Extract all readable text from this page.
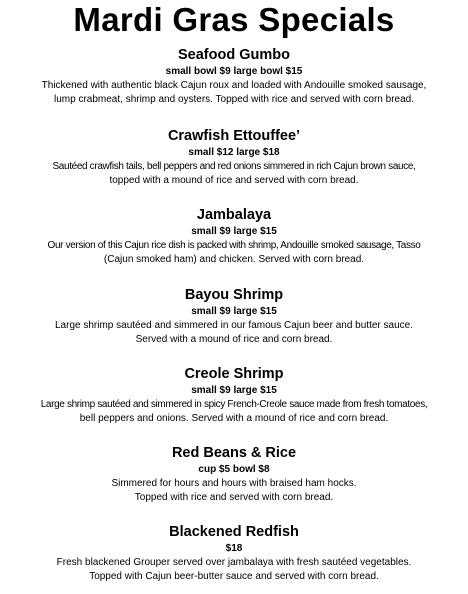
Mardi Gras Specials
Seafood Gumbo
small bowl $9 large bowl $15
Thickened with authentic black Cajun roux and loaded with Andouille smoked sausage,
lump crabmeat, shrimp and oysters. Topped with rice and served with corn bread.
Crawfish Ettouffee’
small $12 large $18
Sautéed crawfish tails, bell peppers and red onions simmered in rich Cajun brown sauce,
topped with a mound of rice and served with corn bread.
Jambalaya
small $9 large $15
Our version of this Cajun rice dish is packed with shrimp, Andouille smoked sausage, Tasso
(Cajun smoked ham) and chicken. Served with corn bread.
Bayou Shrimp
small $9 large $15
Large shrimp sautéed and simmered in our famous Cajun beer and butter sauce.
Served with a mound of rice and corn bread.
Creole Shrimp
small $9 large $15
Large shrimp sautéed and simmered in spicy French-Creole sauce made from fresh tomatoes,
bell peppers and onions. Served with a mound of rice and corn bread.
Red Beans & Rice
cup $5 bowl $8
Simmered for hours and hours with braised ham hocks.
Topped with rice and served with corn bread.
Blackened Redfish
$18
Fresh blackened Grouper served over jambalaya with fresh sautéed vegetables.
Topped with Cajun beer-butter sauce and served with corn bread.
